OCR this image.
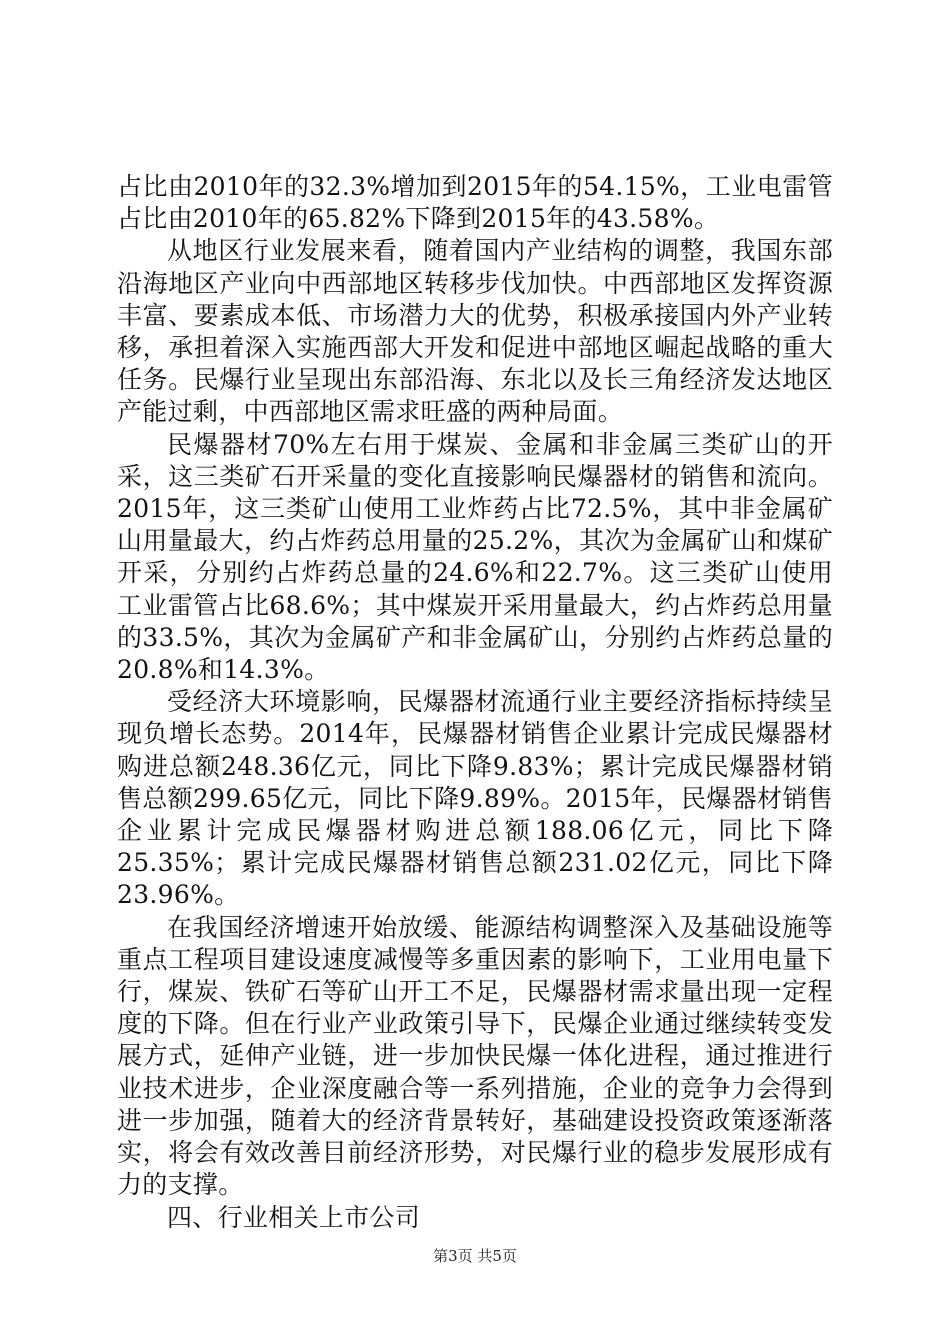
占比由2010年的32.3%增加到2015年的54.15%，工业电雷管占比由2010年的65.82%下降到2015年的43.58%。

从地区行业发展来看，随着国内产业结构的调整，我国东部沿海地区产业向中西部地区转移步伐加快。中西部地区发挥资源丰富、要素成本低、市场潜力大的优势，积极承接国内外产业转移，承担着深入实施西部大开发和促进中部地区崛起战略的重大任务。民爆行业呈现出东部沿海、东北以及长三角经济发达地区产能过剩，中西部地区需求旺盛的两种局面。

民爆器材70%左右用于煤炭、金属和非金属三类矿山的开采，这三类矿石开采量的变化直接影响民爆器材的销售和流向。2015年，这三类矿山使用工业炸药占比72.5%，其中非金属矿山用量最大，约占炸药总用量的25.2%，其次为金属矿山和煤矿开采，分别约占炸药总量的24.6%和22.7%。这三类矿山使用工业雷管占比68.6%；其中煤炭开采用量最大，约占炸药总用量的33.5%，其次为金属矿产和非金属矿山，分别约占炸药总量的20.8%和14.3%。

受经济大环境影响，民爆器材流通行业主要经济指标持续呈现负增长态势。2014年，民爆器材销售企业累计完成民爆器材购进总额248.36亿元，同比下降9.83%；累计完成民爆器材销售总额299.65亿元，同比下降9.89%。2015年，民爆器材销售企业累计完成民爆器材购进总额188.06亿元，同比下降25.35%；累计完成民爆器材销售总额231.02亿元，同比下降23.96%。

在我国经济增速开始放缓、能源结构调整深入及基础设施等重点工程项目建设速度减慢等多重因素的影响下，工业用电量下行，煤炭、铁矿石等矿山开工不足，民爆器材需求量出现一定程度的下降。但在行业产业政策引导下，民爆企业通过继续转变发展方式，延伸产业链，进一步加快民爆一体化进程，通过推进行业技术进步，企业深度融合等一系列措施，企业的竞争力会得到进一步加强，随着大的经济背景转好，基础建设投资政策逐渐落实，将会有效改善目前经济形势，对民爆行业的稳步发展形成有力的支撑。

四、行业相关上市公司

第3页 共5页
